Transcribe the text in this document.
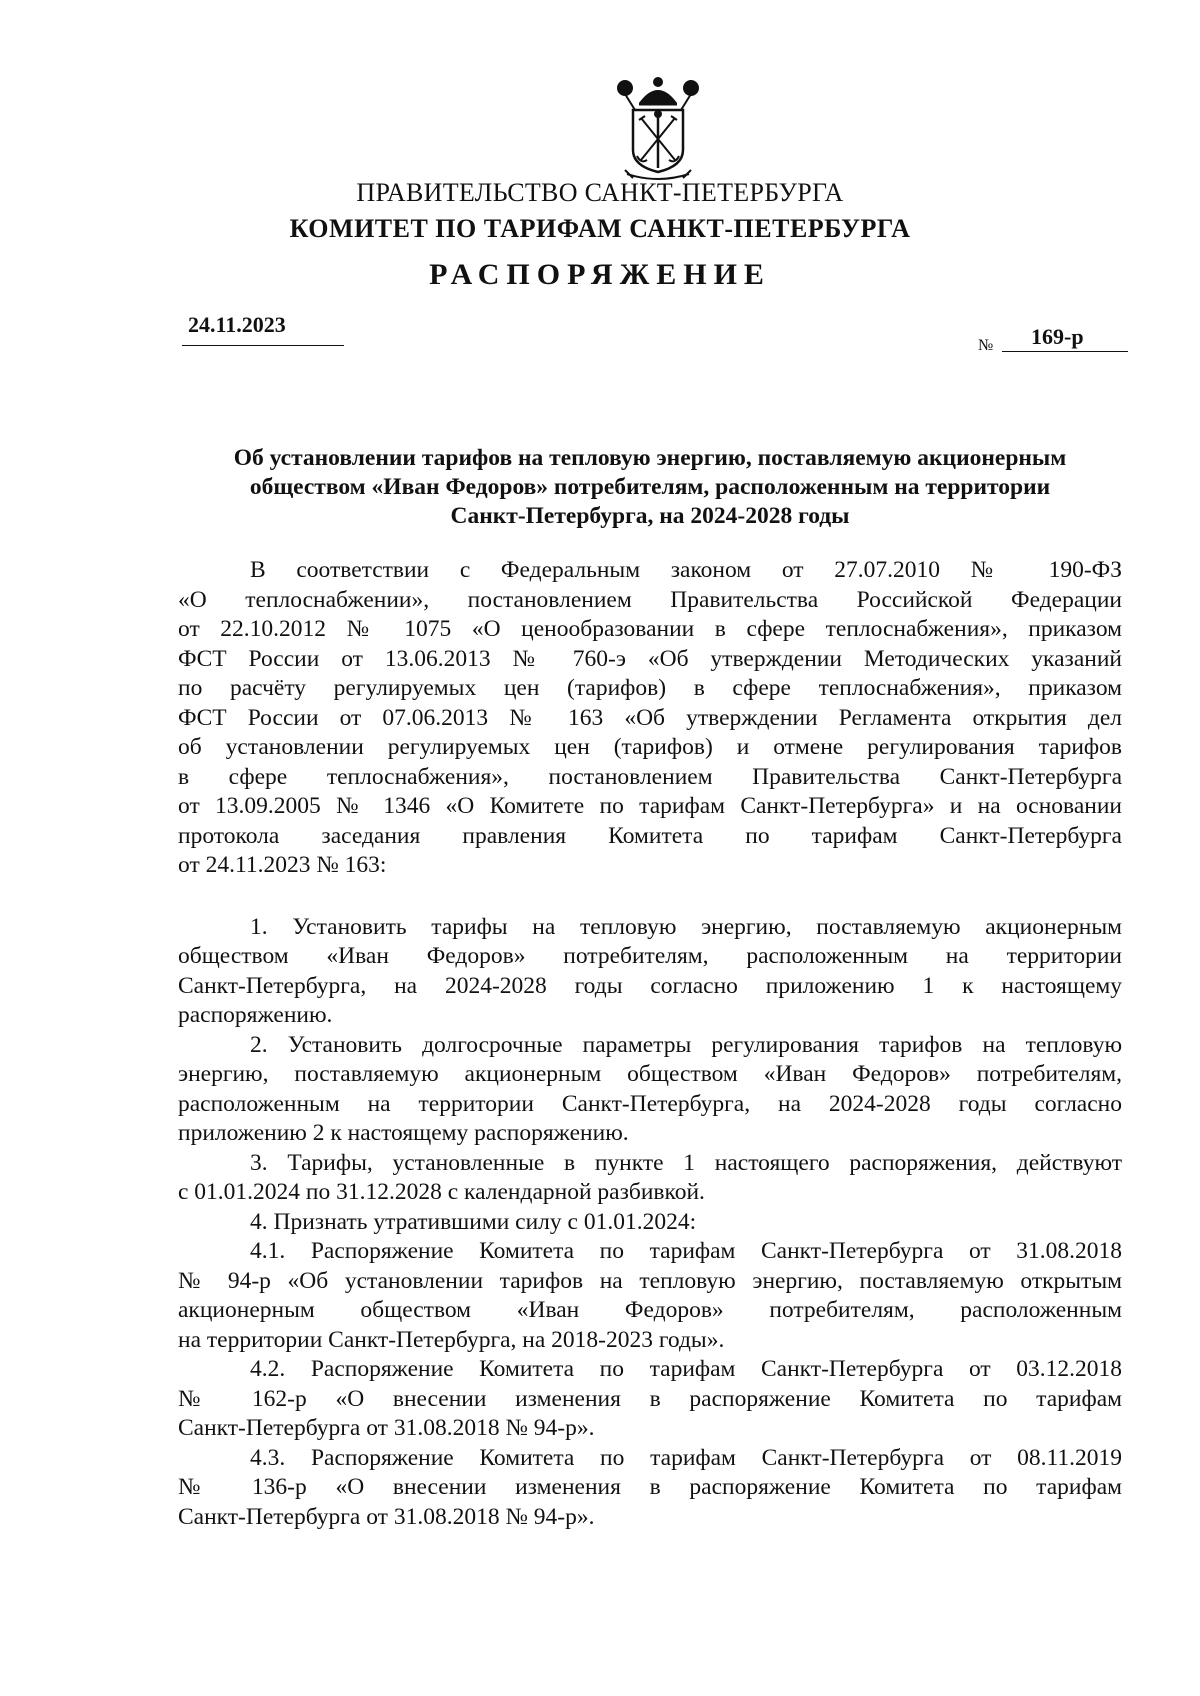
ПРАВИТЕЛЬСТВО САНКТ-ПЕТЕРБУРГА
КОМИТЕТ ПО ТАРИФАМ САНКТ-ПЕТЕРБУРГА
РАСПОРЯЖЕНИЕ
24.11.2023
№ 169-р
Об установлении тарифов на тепловую энергию, поставляемую акционерным
обществом «Иван Федоров» потребителям, расположенным на территории
Санкт-Петербурга, на 2024-2028 годы
В соответствии с Федеральным законом от 27.07.2010 № 190-ФЗ
«О теплоснабжении», постановлением Правительства Российской Федерации
от 22.10.2012 № 1075 «О ценообразовании в сфере теплоснабжения», приказом
ФСТ России от 13.06.2013 № 760-э «Об утверждении Методических указаний
по расчёту регулируемых цен (тарифов) в сфере теплоснабжения», приказом
ФСТ России от 07.06.2013 № 163 «Об утверждении Регламента открытия дел
об установлении регулируемых цен (тарифов) и отмене регулирования тарифов
в сфере теплоснабжения», постановлением Правительства Санкт-Петербурга
от 13.09.2005 № 1346 «О Комитете по тарифам Санкт-Петербурга» и на основании
протокола заседания правления Комитета по тарифам Санкт-Петербурга
от 24.11.2023 № 163:
1. Установить тарифы на тепловую энергию, поставляемую акционерным
обществом «Иван Федоров» потребителям, расположенным на территории
Санкт-Петербурга, на 2024-2028 годы согласно приложению 1 к настоящему
распоряжению.
2. Установить долгосрочные параметры регулирования тарифов на тепловую
энергию, поставляемую акционерным обществом «Иван Федоров» потребителям,
расположенным на территории Санкт-Петербурга, на 2024-2028 годы согласно
приложению 2 к настоящему распоряжению.
3. Тарифы, установленные в пункте 1 настоящего распоряжения, действуют
с 01.01.2024 по 31.12.2028 с календарной разбивкой.
4. Признать утратившими силу с 01.01.2024:
4.1. Распоряжение Комитета по тарифам Санкт-Петербурга от 31.08.2018
№ 94-р «Об установлении тарифов на тепловую энергию, поставляемую открытым
акционерным обществом «Иван Федоров» потребителям, расположенным
на территории Санкт-Петербурга, на 2018-2023 годы».
4.2. Распоряжение Комитета по тарифам Санкт-Петербурга от 03.12.2018
№ 162-р «О внесении изменения в распоряжение Комитета по тарифам
Санкт-Петербурга от 31.08.2018 № 94-р».
4.3. Распоряжение Комитета по тарифам Санкт-Петербурга от 08.11.2019
№ 136-р «О внесении изменения в распоряжение Комитета по тарифам
Санкт-Петербурга от 31.08.2018 № 94-р».
